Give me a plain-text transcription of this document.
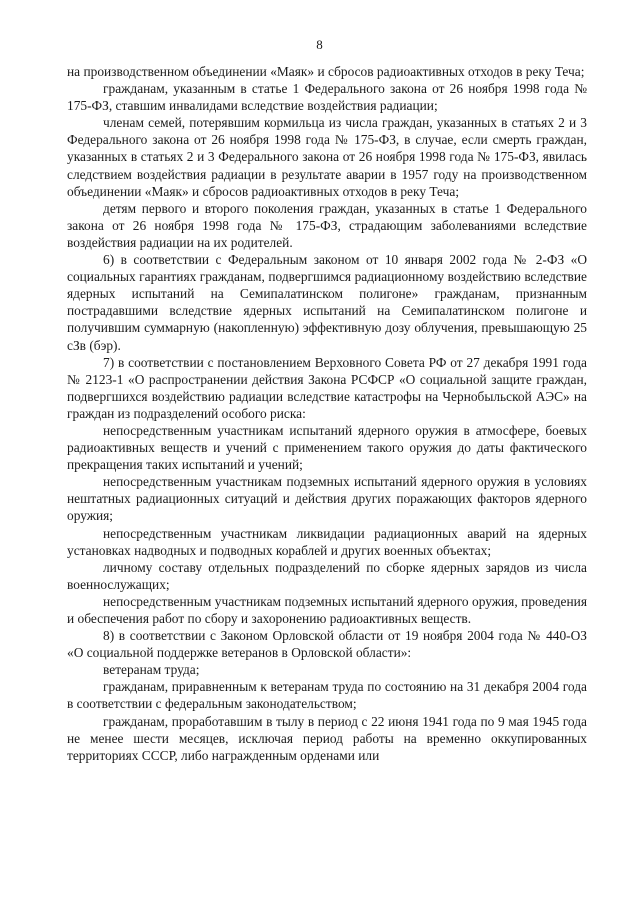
8

на производственном объединении «Маяк» и сбросов радиоактивных отходов в реку Теча;

гражданам, указанным в статье 1 Федерального закона от 26 ноября 1998 года № 175-ФЗ, ставшим инвалидами вследствие воздействия радиации;

членам семей, потерявшим кормильца из числа граждан, указанных в статьях 2 и 3 Федерального закона от 26 ноября 1998 года № 175-ФЗ, в случае, если смерть граждан, указанных в статьях 2 и 3 Федерального закона от 26 ноября 1998 года № 175-ФЗ, явилась следствием воздействия радиации в результате аварии в 1957 году на производственном объединении «Маяк» и сбросов радиоактивных отходов в реку Теча;

детям первого и второго поколения граждан, указанных в статье 1 Федерального закона от 26 ноября 1998 года № 175-ФЗ, страдающим заболеваниями вследствие воздействия радиации на их родителей.

6) в соответствии с Федеральным законом от 10 января 2002 года № 2-ФЗ «О социальных гарантиях гражданам, подвергшимся радиационному воздействию вследствие ядерных испытаний на Семипалатинском полигоне» гражданам, признанным пострадавшими вследствие ядерных испытаний на Семипалатинском полигоне и получившим суммарную (накопленную) эффективную дозу облучения, превышающую 25 сЗв (бэр).

7) в соответствии с постановлением Верховного Совета РФ от 27 декабря 1991 года № 2123-1 «О распространении действия Закона РСФСР «О социальной защите граждан, подвергшихся воздействию радиации вследствие катастрофы на Чернобыльской АЭС» на граждан из подразделений особого риска:

непосредственным участникам испытаний ядерного оружия в атмосфере, боевых радиоактивных веществ и учений с применением такого оружия до даты фактического прекращения таких испытаний и учений;

непосредственным участникам подземных испытаний ядерного оружия в условиях нештатных радиационных ситуаций и действия других поражающих факторов ядерного оружия;

непосредственным участникам ликвидации радиационных аварий на ядерных установках надводных и подводных кораблей и других военных объектах;

личному составу отдельных подразделений по сборке ядерных зарядов из числа военнослужащих;

непосредственным участникам подземных испытаний ядерного оружия, проведения и обеспечения работ по сбору и захоронению радиоактивных веществ.

8) в соответствии с Законом Орловской области от 19 ноября 2004 года № 440-ОЗ «О социальной поддержке ветеранов в Орловской области»:

ветеранам труда;

гражданам, приравненным к ветеранам труда по состоянию на 31 декабря 2004 года в соответствии с федеральным законодательством;

гражданам, проработавшим в тылу в период с 22 июня 1941 года по 9 мая 1945 года не менее шести месяцев, исключая период работы на временно оккупированных территориях СССР, либо награжденным орденами или
